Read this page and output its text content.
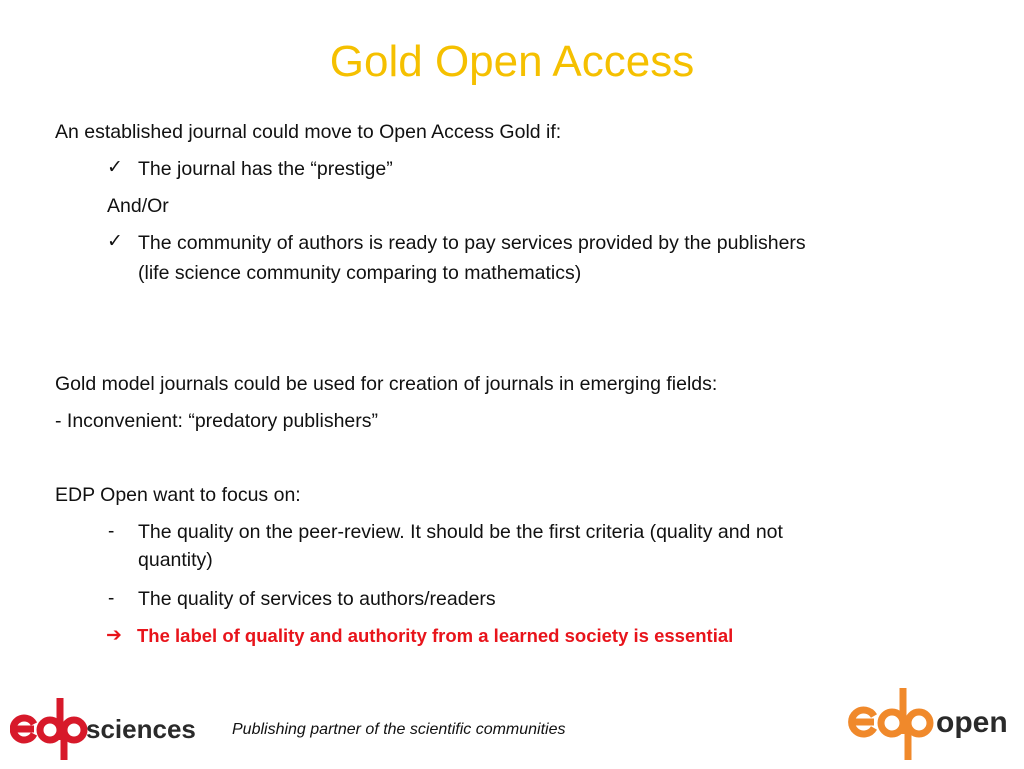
Gold Open Access
An established journal could move to Open Access Gold if:
✓ The journal has the “prestige”
And/Or
✓ The community of authors is ready to pay services provided by the publishers
(life science community comparing to mathematics)
Gold model journals could be used for creation of journals in emerging fields:
- Inconvenient: “predatory publishers”
EDP Open want to focus on:
- The quality on the peer-review. It should be the first criteria (quality and not
quantity)
- The quality of services to authors/readers
➔ The label of quality and authority from a learned society is essential
sciences Publishing partner of the scientific communities	open
